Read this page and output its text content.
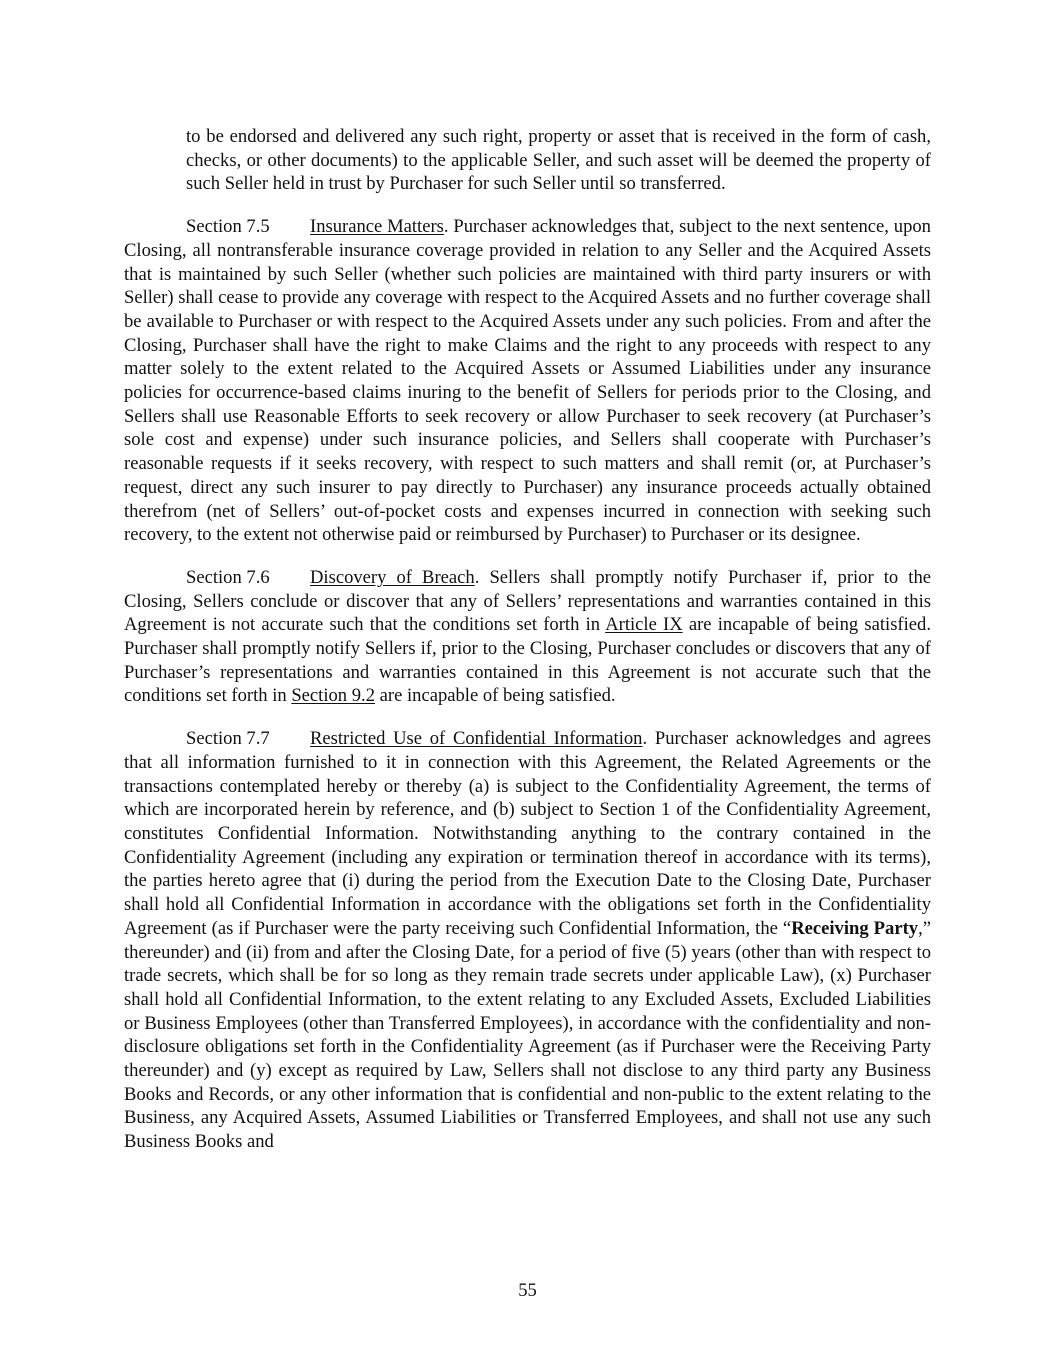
to be endorsed and delivered any such right, property or asset that is received in the form of cash, checks, or other documents) to the applicable Seller, and such asset will be deemed the property of such Seller held in trust by Purchaser for such Seller until so transferred.

Section 7.5 Insurance Matters. Purchaser acknowledges that, subject to the next sentence, upon Closing, all nontransferable insurance coverage provided in relation to any Seller and the Acquired Assets that is maintained by such Seller (whether such policies are maintained with third party insurers or with Seller) shall cease to provide any coverage with respect to the Acquired Assets and no further coverage shall be available to Purchaser or with respect to the Acquired Assets under any such policies. From and after the Closing, Purchaser shall have the right to make Claims and the right to any proceeds with respect to any matter solely to the extent related to the Acquired Assets or Assumed Liabilities under any insurance policies for occurrence-based claims inuring to the benefit of Sellers for periods prior to the Closing, and Sellers shall use Reasonable Efforts to seek recovery or allow Purchaser to seek recovery (at Purchaser’s sole cost and expense) under such insurance policies, and Sellers shall cooperate with Purchaser’s reasonable requests if it seeks recovery, with respect to such matters and shall remit (or, at Purchaser’s request, direct any such insurer to pay directly to Purchaser) any insurance proceeds actually obtained therefrom (net of Sellers’ out-of-pocket costs and expenses incurred in connection with seeking such recovery, to the extent not otherwise paid or reimbursed by Purchaser) to Purchaser or its designee.

Section 7.6 Discovery of Breach. Sellers shall promptly notify Purchaser if, prior to the Closing, Sellers conclude or discover that any of Sellers’ representations and warranties contained in this Agreement is not accurate such that the conditions set forth in Article IX are incapable of being satisfied. Purchaser shall promptly notify Sellers if, prior to the Closing, Purchaser concludes or discovers that any of Purchaser’s representations and warranties contained in this Agreement is not accurate such that the conditions set forth in Section 9.2 are incapable of being satisfied.

Section 7.7 Restricted Use of Confidential Information. Purchaser acknowledges and agrees that all information furnished to it in connection with this Agreement, the Related Agreements or the transactions contemplated hereby or thereby (a) is subject to the Confidentiality Agreement, the terms of which are incorporated herein by reference, and (b) subject to Section 1 of the Confidentiality Agreement, constitutes Confidential Information. Notwithstanding anything to the contrary contained in the Confidentiality Agreement (including any expiration or termination thereof in accordance with its terms), the parties hereto agree that (i) during the period from the Execution Date to the Closing Date, Purchaser shall hold all Confidential Information in accordance with the obligations set forth in the Confidentiality Agreement (as if Purchaser were the party receiving such Confidential Information, the “Receiving Party,” thereunder) and (ii) from and after the Closing Date, for a period of five (5) years (other than with respect to trade secrets, which shall be for so long as they remain trade secrets under applicable Law), (x) Purchaser shall hold all Confidential Information, to the extent relating to any Excluded Assets, Excluded Liabilities or Business Employees (other than Transferred Employees), in accordance with the confidentiality and non-disclosure obligations set forth in the Confidentiality Agreement (as if Purchaser were the Receiving Party thereunder) and (y) except as required by Law, Sellers shall not disclose to any third party any Business Books and Records, or any other information that is confidential and non-public to the extent relating to the Business, any Acquired Assets, Assumed Liabilities or Transferred Employees, and shall not use any such Business Books and

55
